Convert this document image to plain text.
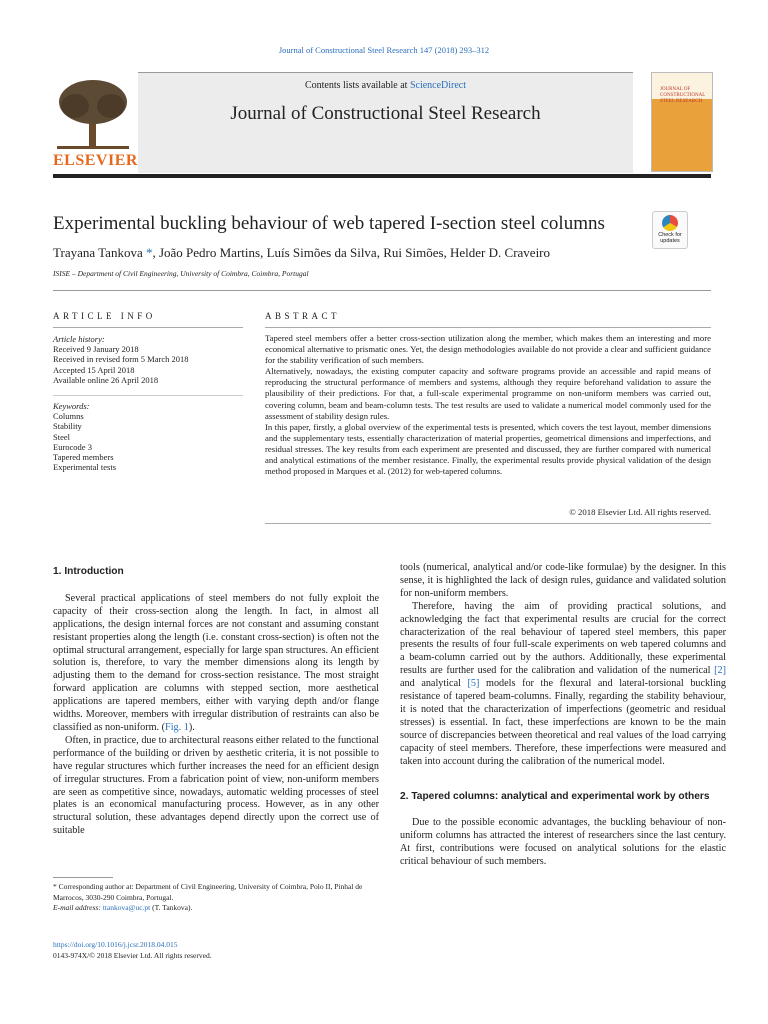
Journal of Constructional Steel Research 147 (2018) 293–312
ELSEVIER
Contents lists available at ScienceDirect
Journal of Constructional Steel Research
JOURNAL OF CONSTRUCTIONAL STEEL RESEARCH
Experimental buckling behaviour of web tapered I-section steel columns
Check for
updates
Trayana Tankova *, João Pedro Martins, Luís Simões da Silva, Rui Simões, Helder D. Craveiro
ISISE – Department of Civil Engineering, University of Coimbra, Coimbra, Portugal
ARTICLE INFO	ABSTRACT
Article history:
Received 9 January 2018
Received in revised form 5 March 2018
Accepted 15 April 2018
Available online 26 April 2018
Keywords:
Columns
Stability
Steel
Eurocode 3
Tapered members
Experimental tests

Tapered steel members offer a better cross-section utilization along the member, which makes them an interesting and more economical alternative to prismatic ones. Yet, the design methodologies available do not provide a clear and sufficient guidance for the stability verification of such members.

Alternatively, nowadays, the existing computer capacity and software programs provide an accessible and rapid means of reproducing the structural performance of members and systems, although they require beforehand validation to assure the plausibility of their predictions. For that, a full-scale experimental programme on non-uniform members was carried out, covering column, beam and beam-column tests. The test results are used to validate a numerical model commonly used for the assessment of stability design rules.

In this paper, firstly, a global overview of the experimental tests is presented, which covers the test layout, member dimensions and the supplementary tests, essentially characterization of material properties, geometrical dimensions and imperfections, and residual stresses. The key results from each experiment are presented and discussed, they are further compared with numerical and analytical estimations of the member resistance. Finally, the experimental results provide physical validation of the design method proposed in Marques et al. (2012) for web-tapered columns.

© 2018 Elsevier Ltd. All rights reserved.
1. Introduction

Several practical applications of steel members do not fully exploit the capacity of their cross-section along the length. In fact, in almost all applications, the design internal forces are not constant and assuming constant resistant properties along the length (i.e. constant cross-section) is often not the optimal structural arrangement, especially for large span structures. An efficient solution is, therefore, to vary the member dimensions along its length by adjusting them to the demand for cross-section resistance. The most straight forward application are columns with stepped section, more aesthetical applications are tapered members, either with varying depth and/or flange widths. Moreover, members with irregular distribution of restraints can also be classified as non-uniform. (Fig. 1).

Often, in practice, due to architectural reasons either related to the functional performance of the building or driven by aesthetic criteria, it is not possible to have regular structures which further increases the need for an efficient design of irregular structures. From a fabrication point of view, non-uniform members are seen as competitive since, nowadays, automatic welding processes of steel plates is an economical manufacturing process. However, as in any other structural solution, these advantages depend directly upon the correct use of suitable

tools (numerical, analytical and/or code-like formulae) by the designer. In this sense, it is highlighted the lack of design rules, guidance and validated solution for non-uniform members.

Therefore, having the aim of providing practical solutions, and acknowledging the fact that experimental results are crucial for the correct characterization of the real behaviour of tapered steel members, this paper presents the results of four full-scale experiments on web tapered columns and a beam-column carried out by the authors. Additionally, these experimental results are further used for the calibration and validation of the numerical [2] and analytical [5] models for the flexural and lateral-torsional buckling resistance of tapered beam-columns. Finally, regarding the stability behaviour, it is noted that the characterization of imperfections (geometric and residual stresses) is essential. In fact, these imperfections are known to be the main source of discrepancies between theoretical and real values of the load carrying capacity of steel members. Therefore, these imperfections were measured and taken into account during the calibration of the numerical model.

2. Tapered columns: analytical and experimental work by others

Due to the possible economic advantages, the buckling behaviour of non-uniform columns has attracted the interest of researchers since the last century. At first, contributions were focused on analytical solutions for the elastic critical behaviour of such members.

* Corresponding author at: Department of Civil Engineering, University of Coimbra, Polo II, Pinhal de Marrocos, 3030-290 Coimbra, Portugal.
E-mail address: ttankova@uc.pt (T. Tankova).
https://doi.org/10.1016/j.jcsr.2018.04.015
0143-974X/© 2018 Elsevier Ltd. All rights reserved.
